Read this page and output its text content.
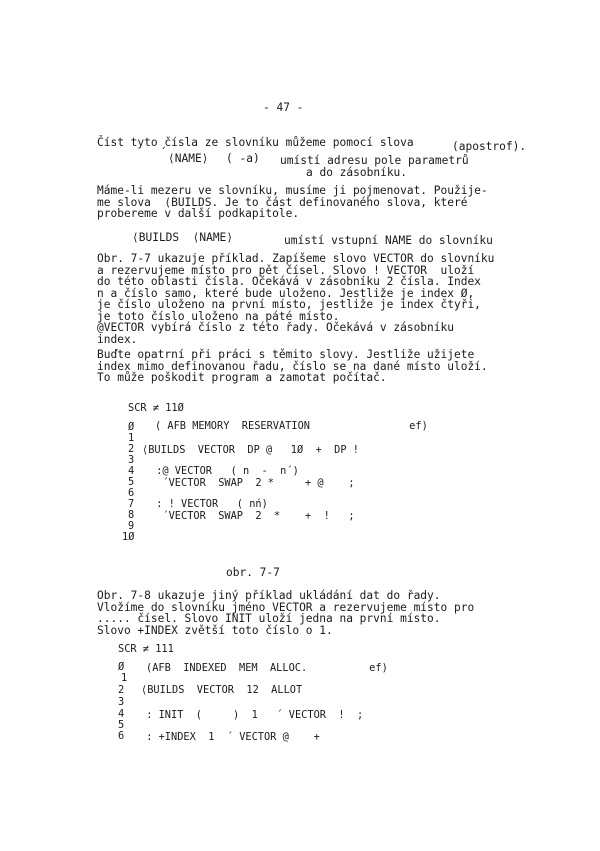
- 47 -
Číst tyto čísla ze slovníku můžeme pomocí slova	(apostrof).
´ ⟨NAME⟩ ( -a) umístí adresu pole parametrů
a do zásobníku.
Máme-li mezeru ve slovníku, musíme ji pojmenovat. Použije-
me slova  ⟨BUILDS. Je to část definovaného slova, které
probereme v další podkapitole.
⟨BUILDS  ⟨NAME⟩	umístí vstupní NAME do slovníku
Obr. 7-7 ukazuje příklad. Zapíšeme slovo VECTOR do slovníku
a rezervujeme místo pro pět čísel. Slovo ! VECTOR  uloží
do této oblasti čísla. Očekává v zásobníku 2 čísla. Index
n a číslo samo, které bude uloženo. Jestliže je index Ø,
je číslo uloženo na první místo, jestliže je index čtyři,
je toto číslo uloženo na páté místo.
@VECTOR vybírá číslo z této řady. Očekává v zásobníku
index.
Buďte opatrní při práci s těmito slovy. Jestliže užijete
index mimo definovanou řadu, číslo se na dané místo uloží.
To může poškodit program a zamotat počítač.
SCR ≠ 11Ø
Ø ( AFB MEMORY  RESERVATION                ef)
1
2 ⟨BUILDS  VECTOR  DP @   1Ø  +  DP !
3
4 :@ VECTOR   ( n  -  n´)
5 ´VECTOR  SWAP  2 *     + @    ;
6
7 : ! VECTOR   ( nń)
8 ´VECTOR  SWAP  2  *    +  !   ;
9
1Ø
obr. 7-7
Obr. 7-8 ukazuje jiný příklad ukládání dat do řady.
Vložíme do slovníku jméno VECTOR a rezervujeme místo pro
..... čísel. Slovo INIT uloží jedna na první místo.
Slovo +INDEX zvětší toto číslo o 1.
SCR ≠ 111
Ø (AFB  INDEXED  MEM  ALLOC.          ef)
1
2 ⟨BUILDS  VECTOR  12  ALLOT
3
4 : INIT  (     )  1   ´ VECTOR  !  ;
5
6 : +INDEX  1  ´ VECTOR @    +
